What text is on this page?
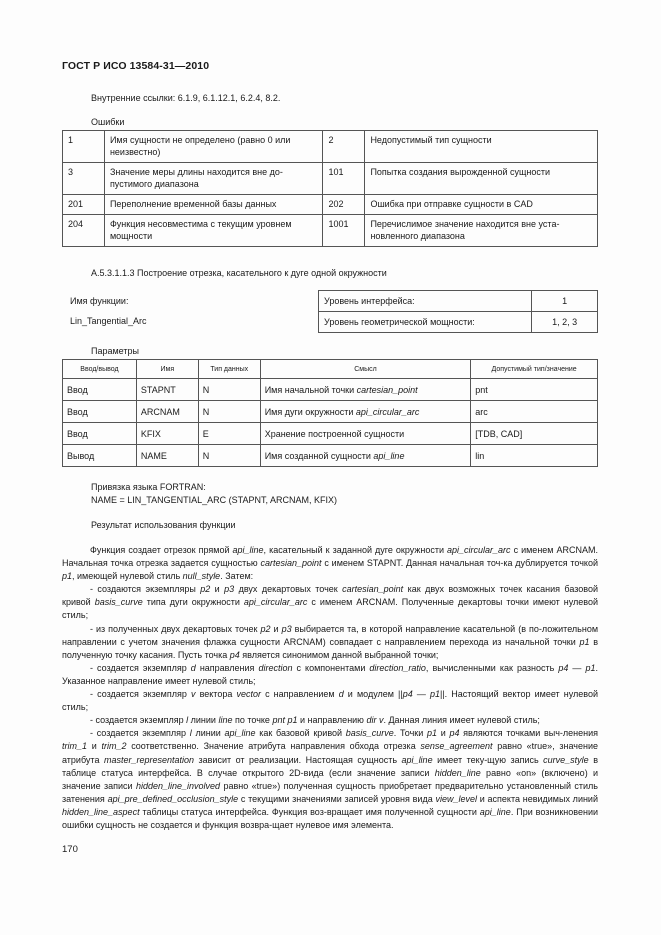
ГОСТ Р ИСО 13584-31—2010
Внутренние ссылки: 6.1.9, 6.1.12.1, 6.2.4, 8.2.
Ошибки
1	Имя сущности не определено (равно 0 или неизвестно)	2	Недопустимый тип сущности
3	Значение меры длины находится вне до-пустимого диапазона	101	Попытка создания вырожденной сущности
201	Переполнение временной базы данных	202	Ошибка при отправке сущности в CAD
204	Функция несовместима с текущим уровнем мощности	1001	Перечислимое значение находится вне уста-новленного диапазона
A.5.3.1.1.3 Построение отрезка, касательного к дуге одной окружности
Имя функции:
Lin_Tangential_Arc
Уровень интерфейса:	1
Уровень геометрической мощности:	1, 2, 3
Параметры
Ввод/вывод	Имя	Тип данных	Смысл	Допустимый тип/значение
Ввод	STAPNT	N	Имя начальной точки cartesian_point	pnt
Ввод	ARCNAM	N	Имя дуги окружности api_circular_arc	arc
Ввод	KFIX	E	Хранение построенной сущности	[TDB, CAD]
Вывод	NAME	N	Имя созданной сущности api_line	lin
Привязка языка FORTRAN:
NAME = LIN_TANGENTIAL_ARC (STAPNT, ARCNAM, KFIX)
Результат использования функции

Функция создает отрезок прямой api_line, касательный к заданной дуге окружности api_circular_arc с именем ARCNAM. Начальная точка отрезка задается сущностью cartesian_point с именем STAPNT. Данная начальная точ-ка дублируется точкой p1, имеющей нулевой стиль null_style. Затем:

- создаются экземпляры p2 и p3 двух декартовых точек cartesian_point как двух возможных точек касания базовой кривой basis_curve типа дуги окружности api_circular_arc с именем ARCNAM. Полученные декартовы точки имеют нулевой стиль;

- из полученных двух декартовых точек p2 и p3 выбирается та, в которой направление касательной (в по-ложительном направлении с учетом значения флажка сущности ARCNAM) совпадает с направлением перехода из начальной точки p1 в полученную точку касания. Пусть точка p4 является синонимом данной выбранной точки;

- создается экземпляр d направления direction с компонентами direction_ratio, вычисленными как разность p4 — p1. Указанное направление имеет нулевой стиль;

- создается экземпляр v вектора vector с направлением d и модулем ||p4 — p1||. Настоящий вектор имеет нулевой стиль;

- создается экземпляр l линии line по точке pnt p1 и направлению dir v. Данная линия имеет нулевой стиль;

- создается экземпляр l линии api_line как базовой кривой basis_curve. Точки p1 и p4 являются точками выч-ленения trim_1 и trim_2 соответственно. Значение атрибута направления обхода отрезка sense_agreement равно «true», значение атрибута master_representation зависит от реализации. Настоящая сущность api_line имеет теку-щую запись curve_style в таблице статуса интерфейса. В случае открытого 2D-вида (если значение записи hidden_line равно «on» (включено) и значение записи hidden_line_involved равно «true») полученная сущность приобретает предварительно установленный стиль затенения api_pre_defined_occlusion_style с текущими значениями записей уровня вида view_level и аспекта невидимых линий hidden_line_aspect таблицы статуса интерфейса. Функция воз-вращает имя полученной сущности api_line. При возникновении ошибки сущность не создается и функция возвра-щает нулевое имя элемента.

170
